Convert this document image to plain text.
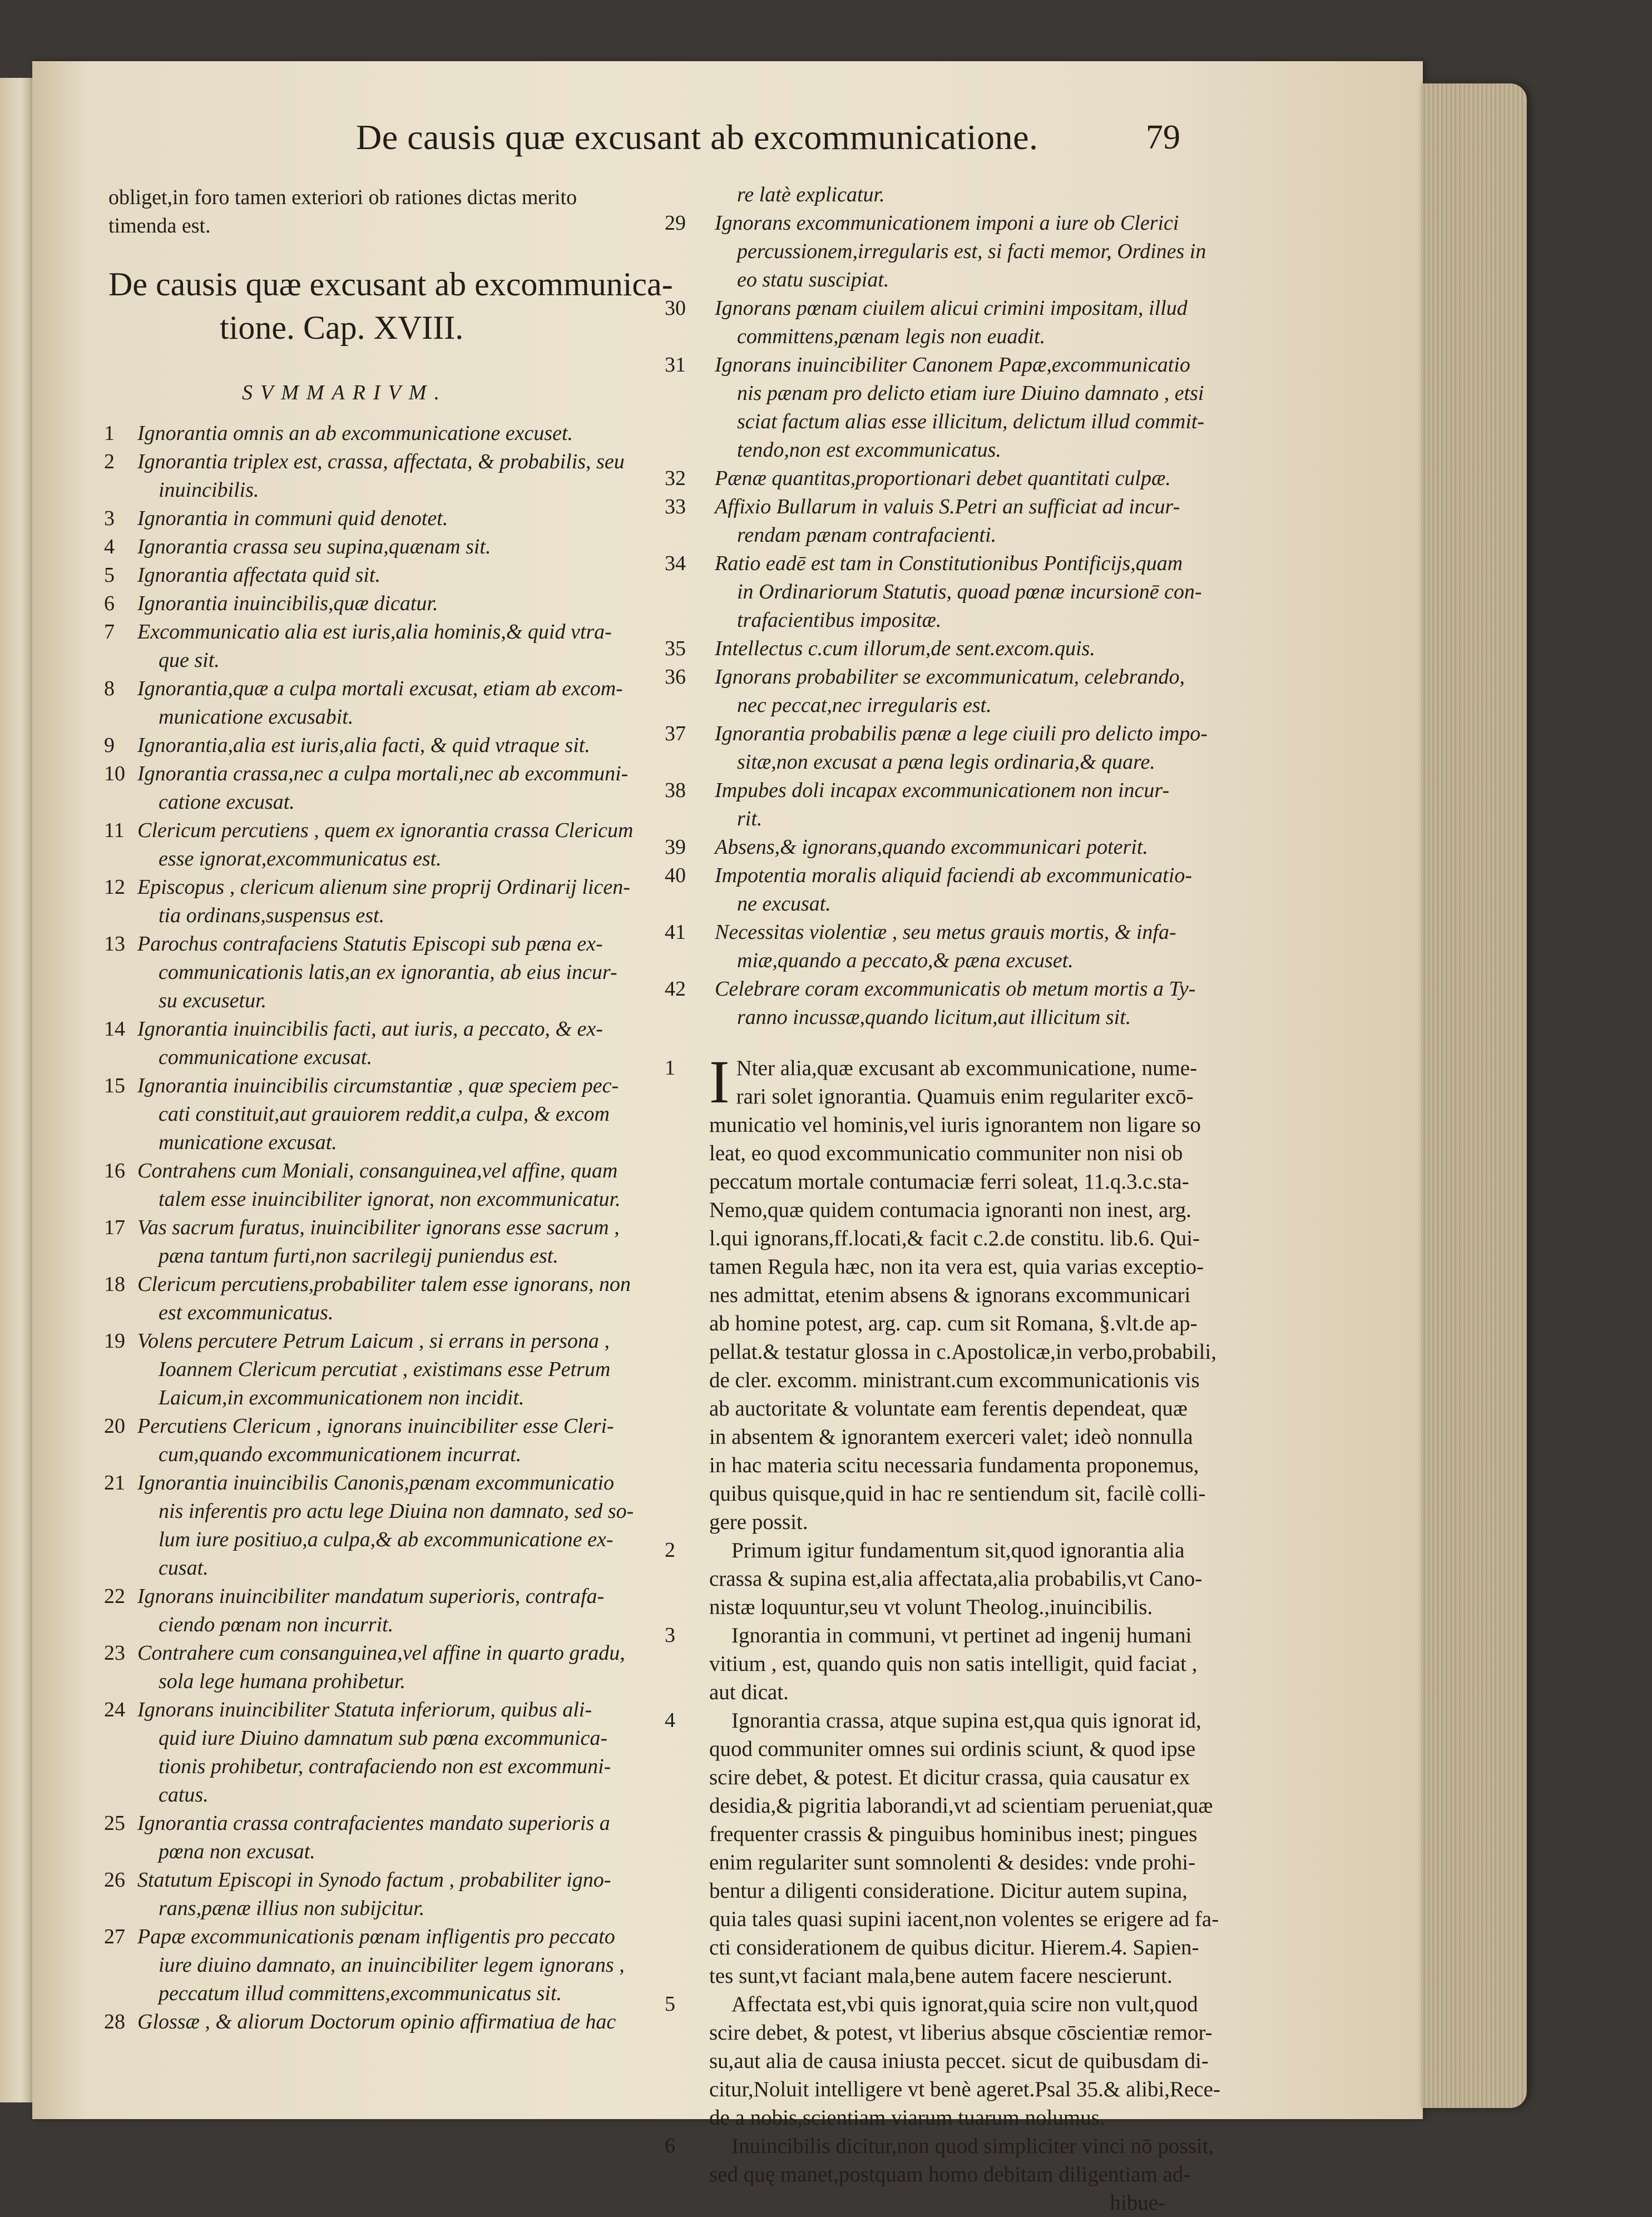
De causis quæ excusant ab excommunicatione.	79
obliget,in foro tamen exteriori ob rationes dictas merito
timenda est.
De causis quæ excusant ab excommunica-
tione. Cap. XVIII.
SVMMARIVM.
1	Ignorantia omnis an ab excommunicatione excuset.
2	Ignorantia triplex est, crassa, affectata, & probabilis, seu
inuincibilis.
3	Ignorantia in communi quid denotet.
4	Ignorantia crassa seu supina,quænam sit.
5	Ignorantia affectata quid sit.
6	Ignorantia inuincibilis,quæ dicatur.
7	Excommunicatio alia est iuris,alia hominis,& quid vtra-
que sit.
8	Ignorantia,quæ a culpa mortali excusat, etiam ab excom-
municatione excusabit.
9	Ignorantia,alia est iuris,alia facti, & quid vtraque sit.
10 Ignorantia crassa,nec a culpa mortali,nec ab excommuni-
catione excusat.
11 Clericum percutiens , quem ex ignorantia crassa Clericum
esse ignorat,excommunicatus est.
12 Episcopus , clericum alienum sine proprij Ordinarij licen-
tia ordinans,suspensus est.
13 Parochus contrafaciens Statutis Episcopi sub pæna ex-
communicationis latis,an ex ignorantia, ab eius incur-
su excusetur.
14 Ignorantia inuincibilis facti, aut iuris, a peccato, & ex-
communicatione excusat.
15 Ignorantia inuincibilis circumstantiæ , quæ speciem pec-
cati constituit,aut grauiorem reddit,a culpa, & excom
municatione excusat.
16 Contrahens cum Moniali, consanguinea,vel affine, quam
talem esse inuincibiliter ignorat, non excommunicatur.
17 Vas sacrum furatus, inuincibiliter ignorans esse sacrum ,
pæna tantum furti,non sacrilegij puniendus est.
18 Clericum percutiens,probabiliter talem esse ignorans, non
est excommunicatus.
19 Volens percutere Petrum Laicum , si errans in persona ,
Ioannem Clericum percutiat , existimans esse Petrum
Laicum,in excommunicationem non incidit.
20 Percutiens Clericum , ignorans inuincibiliter esse Cleri-
cum,quando excommunicationem incurrat.
21 Ignorantia inuincibilis Canonis,pænam excommunicatio
nis inferentis pro actu lege Diuina non damnato, sed so-
lum iure positiuo,a culpa,& ab excommunicatione ex-
cusat.
22 Ignorans inuincibiliter mandatum superioris, contrafa-
ciendo pœnam non incurrit.
23 Contrahere cum consanguinea,vel affine in quarto gradu,
sola lege humana prohibetur.
24 Ignorans inuincibiliter Statuta inferiorum, quibus ali-
quid iure Diuino damnatum sub pœna excommunica-
tionis prohibetur, contrafaciendo non est excommuni-
catus.
25 Ignorantia crassa contrafacientes mandato superioris a
pœna non excusat.
26 Statutum Episcopi in Synodo factum , probabiliter igno-
rans,pænæ illius non subijcitur.
27 Papæ excommunicationis pœnam infligentis pro peccato
iure diuino damnato, an inuincibiliter legem ignorans ,
peccatum illud committens,excommunicatus sit.
28 Glossæ , & aliorum Doctorum opinio affirmatiua de hac
re latè explicatur.
29	Ignorans excommunicationem imponi a iure ob Clerici
percussionem,irregularis est, si facti memor, Ordines in
eo statu suscipiat.
30	Ignorans pœnam ciuilem alicui crimini impositam, illud
committens,pænam legis non euadit.
31	Ignorans inuincibiliter Canonem Papæ,excommunicatio
nis pænam pro delicto etiam iure Diuino damnato , etsi
sciat factum alias esse illicitum, delictum illud commit-
tendo,non est excommunicatus.
32	Pænæ quantitas,proportionari debet quantitati culpæ.
33	Affixio Bullarum in valuis S.Petri an sufficiat ad incur-
rendam pænam contrafacienti.
34	Ratio eadē est tam in Constitutionibus Pontificijs,quam
in Ordinariorum Statutis, quoad pœnæ incursionē con-
trafacientibus impositæ.
35	Intellectus c.cum illorum,de sent.excom.quis.
36	Ignorans probabiliter se excommunicatum, celebrando,
nec peccat,nec irregularis est.
37	Ignorantia probabilis pænæ a lege ciuili pro delicto impo-
sitæ,non excusat a pæna legis ordinaria,& quare.
38	Impubes doli incapax excommunicationem non incur-
rit.
39	Absens,& ignorans,quando excommunicari poterit.
40	Impotentia moralis aliquid faciendi ab excommunicatio-
ne excusat.
41	Necessitas violentiæ , seu metus grauis mortis, & infa-
miæ,quando a peccato,& pæna excuset.
42	Celebrare coram excommunicatis ob metum mortis a Ty-
ranno incussæ,quando licitum,aut illicitum sit.
1 I Nter alia,quæ excusant ab excommunicatione, nume-
rari solet ignorantia. Quamuis enim regulariter excō-
municatio vel hominis,vel iuris ignorantem non ligare so
leat, eo quod excommunicatio communiter non nisi ob
peccatum mortale contumaciæ ferri soleat, 11.q.3.c.sta-
Nemo,quæ quidem contumacia ignoranti non inest, arg.
l.qui ignorans,ff.locati,& facit c.2.de constitu. lib.6. Qui-
tamen Regula hæc, non ita vera est, quia varias exceptio-
nes admittat, etenim absens & ignorans excommunicari
ab homine potest, arg. cap. cum sit Romana, §.vlt.de ap-
pellat.& testatur glossa in c.Apostolicæ,in verbo,probabili,
de cler. excomm. ministrant.cum excommunicationis vis
ab auctoritate & voluntate eam ferentis dependeat, quæ
in absentem & ignorantem exerceri valet; ideò nonnulla
in hac materia scitu necessaria fundamenta proponemus,
quibus quisque,quid in hac re sentiendum sit, facilè colli-
gere possit.
2	Primum igitur fundamentum sit,quod ignorantia alia
crassa & supina est,alia affectata,alia probabilis,vt Cano-
nistæ loquuntur,seu vt volunt Theolog.,inuincibilis.
3	Ignorantia in communi, vt pertinet ad ingenij humani
vitium , est, quando quis non satis intelligit, quid faciat ,
aut dicat.
4	Ignorantia crassa, atque supina est,qua quis ignorat id,
quod communiter omnes sui ordinis sciunt, & quod ipse
scire debet, & potest. Et dicitur crassa, quia causatur ex
desidia,& pigritia laborandi,vt ad scientiam perueniat,quæ
frequenter crassis & pinguibus hominibus inest; pingues
enim regulariter sunt somnolenti & desides: vnde prohi-
bentur a diligenti consideratione. Dicitur autem supina,
quia tales quasi supini iacent,non volentes se erigere ad fa-
cti considerationem de quibus dicitur. Hierem.4. Sapien-
tes sunt,vt faciant mala,bene autem facere nescierunt.
5	Affectata est,vbi quis ignorat,quia scire non vult,quod
scire debet, & potest, vt liberius absque cōscientiæ remor-
su,aut alia de causa iniusta peccet. sicut de quibusdam di-
citur,Noluit intelligere vt benè ageret.Psal 35.& alibi,Rece-
de a nobis,scientiam viarum tuarum nolumus.
6	Inuincibilis dicitur,non quod simpliciter vinci nō possit,
sed quę manet,postquam homo debitam diligentiam ad-
hibue-
